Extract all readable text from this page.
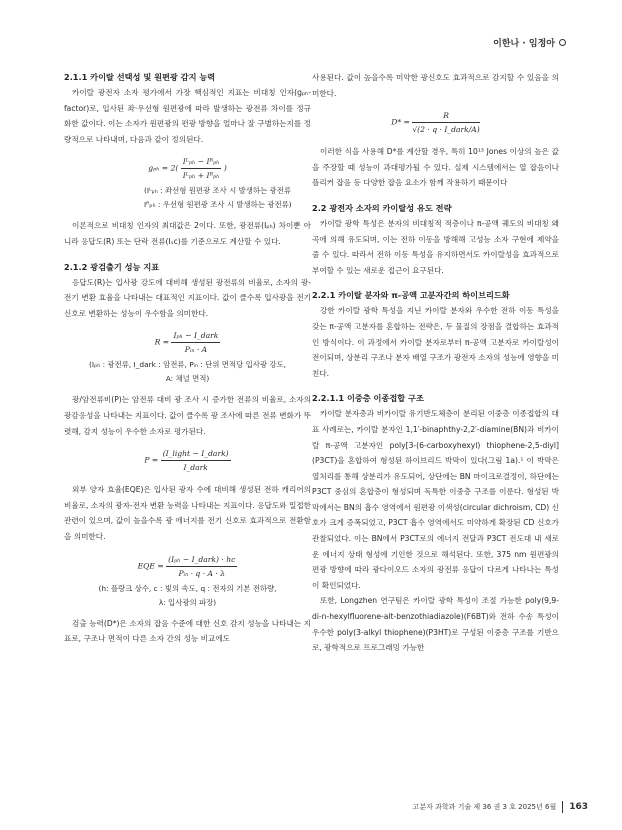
이한나 · 임정아
2.1.1 카이랄 선택성 및 원편광 감지 능력

카이랄 광전자 소자 평가에서 가장 핵심적인 지표는 비대칭 인자(gₚₕ-factor)로, 입사된 좌·우선형 원편광에 따라 발생하는 광전류 차이를 정규화한 값이다. 이는 소자가 원편광의 편광 방향을 얼마나 잘 구별하는지를 정량적으로 나타내며, 다음과 같이 정의된다.

$g_{ph} = 2( \frac{\text{Iᴸₚₕ − Iᴿₚₕ}}{\text{Iᴸₚₕ + Iᴿₚₕ}}$ )
(Iᴸₚₕ : 좌선형 원편광 조사 시 발생하는 광전류
Iᴿₚₕ : 우선형 원편광 조사 시 발생하는 광전류)

이론적으로 비대칭 인자의 최대값은 2이다. 또한, 광전류(Iₚₕ) 차이뿐 아니라 응답도(R) 또는 단락 전류(Iₛc)를 기준으로도 계산할 수 있다.

2.1.2 광검출기 성능 지표

응답도(R)는 입사광 강도에 대비해 생성된 광전류의 비율로, 소자의 광-전기 변환 효율을 나타내는 대표적인 지표이다. 값이 클수록 입사광을 전기 신호로 변환하는 성능이 우수함을 의미한다.

$R = \frac{\text{Iₚₕ − I\_dark}}{\text{Pᵢₙ · A}}$
(Iₚₕ : 광전류, I_dark : 암전류, Pᵢₙ : 단위 면적당 입사광 강도,
A: 채널 면적)

광/암전류비(P)는 암전류 대비 광 조사 시 증가한 전류의 비율로, 소자의 광감응성을 나타내는 지표이다. 값이 클수록 광 조사에 따른 전류 변화가 뚜렷해, 감지 성능이 우수한 소자로 평가된다.

$P = \frac{\text{(I\_light − I\_dark)}}{\text{I\_dark}}$

외부 양자 효율(EQE)은 입사된 광자 수에 대비해 생성된 전하 캐리어의 비율로, 소자의 광자-전자 변환 능력을 나타내는 지표이다. 응답도와 밀접한 관련이 있으며, 값이 높을수록 광 에너지를 전기 신호로 효과적으로 전환함을 의미한다.

EQE = $\frac{\text{(Iₚₕ − I\_dark) · hc}}{\text{Pᵢₙ · q · A · λ}}$
(h: 플랑크 상수, c : 빛의 속도, q : 전자의 기본 전하량,
λ: 입사광의 파장)

검출 능력(D*)은 소자의 잡음 수준에 대한 신호 감지 성능을 나타내는 지표로, 구조나 면적이 다른 소자 간의 성능 비교에도

사용된다. 값이 높을수록 미약한 광신호도 효과적으로 감지할 수 있음을 의미한다.

$D* = \frac{R}{\text{√(2 · q · I\_dark/A)}}$

이러한 식을 사용해 D*를 계산할 경우, 특히 10¹³ Jones 이상의 높은 값을 주장할 때 성능이 과대평가될 수 있다. 실제 시스템에서는 열 잡음이나 플리커 잡음 등 다양한 잡음 요소가 함께 작용하기 때문이다

2.2 광전자 소자의 카이랄성 유도 전략

카이랄 광학 특성은 분자의 비대칭적 적층이나 π-공액 궤도의 비대칭 왜곡에 의해 유도되며, 이는 전하 이동을 방해해 고성능 소자 구현에 제약을 줄 수 있다. 따라서 전하 이동 특성을 유지하면서도 카이랄성을 효과적으로 부여할 수 있는 새로운 접근이 요구된다.

2.2.1 카이랄 분자와 π-공액 고분자간의 하이브리드화

강한 카이랄 광학 특성을 지닌 카이랄 분자와 우수한 전하 이동 특성을 갖는 π-공액 고분자를 혼합하는 전략은, 두 물질의 장점을 결합하는 효과적인 방식이다. 이 과정에서 카이랄 분자로부터 π-공액 고분자로 카이랄성이 전이되며, 상분리 구조나 분자 배열 구조가 광전자 소자의 성능에 영향을 미친다.

2.2.1.1 이중층 이종접합 구조

카이랄 분자층과 비카이랄 유기반도체층이 분리된 이중층 이종접합의 대표 사례로는, 카이랄 분자인 1,1′-binaphthy-2,2′-diamine(BN)과 비카이랄 π-공액 고분자인 poly[3-(6-carboxyhexyl) thiophene-2,5-diyl](P3CT)을 혼합하여 형성된 하이브리드 박막이 있다(그림 1a).¹ 이 박막은 열처리를 통해 상분리가 유도되어, 상단에는 BN 마이크로결정이, 하단에는 P3CT 중심의 혼합층이 형성되며 독특한 이중층 구조를 이룬다. 형성된 박막에서는 BN의 흡수 영역에서 원편광 이색성(circular dichroism, CD) 신호가 크게 증폭되었고, P3CT 흡수 영역에서도 미약하게 확장된 CD 신호가 관찰되었다. 이는 BN에서 P3CT로의 에너지 전달과 P3CT 전도대 내 새로운 에너지 상태 형성에 기인한 것으로 해석된다. 또한, 375 nm 원편광의 편광 방향에 따라 광다이오드 소자의 광전류 응답이 다르게 나타나는 특성이 확인되었다.

또한, Longzhen 연구팀은 카이랄 광학 특성이 조절 가능한 poly(9,9-di-n-hexylfluorene-alt-benzothiadiazole)(F6BT)와 전하 수송 특성이 우수한 poly(3-alkyl thiophene)(P3HT)로 구성된 이중층 구조를 기반으로, 광학적으로 프로그래밍 가능한

고분자 과학과 기술 제 36 권 3 호 2025년 6월 163
